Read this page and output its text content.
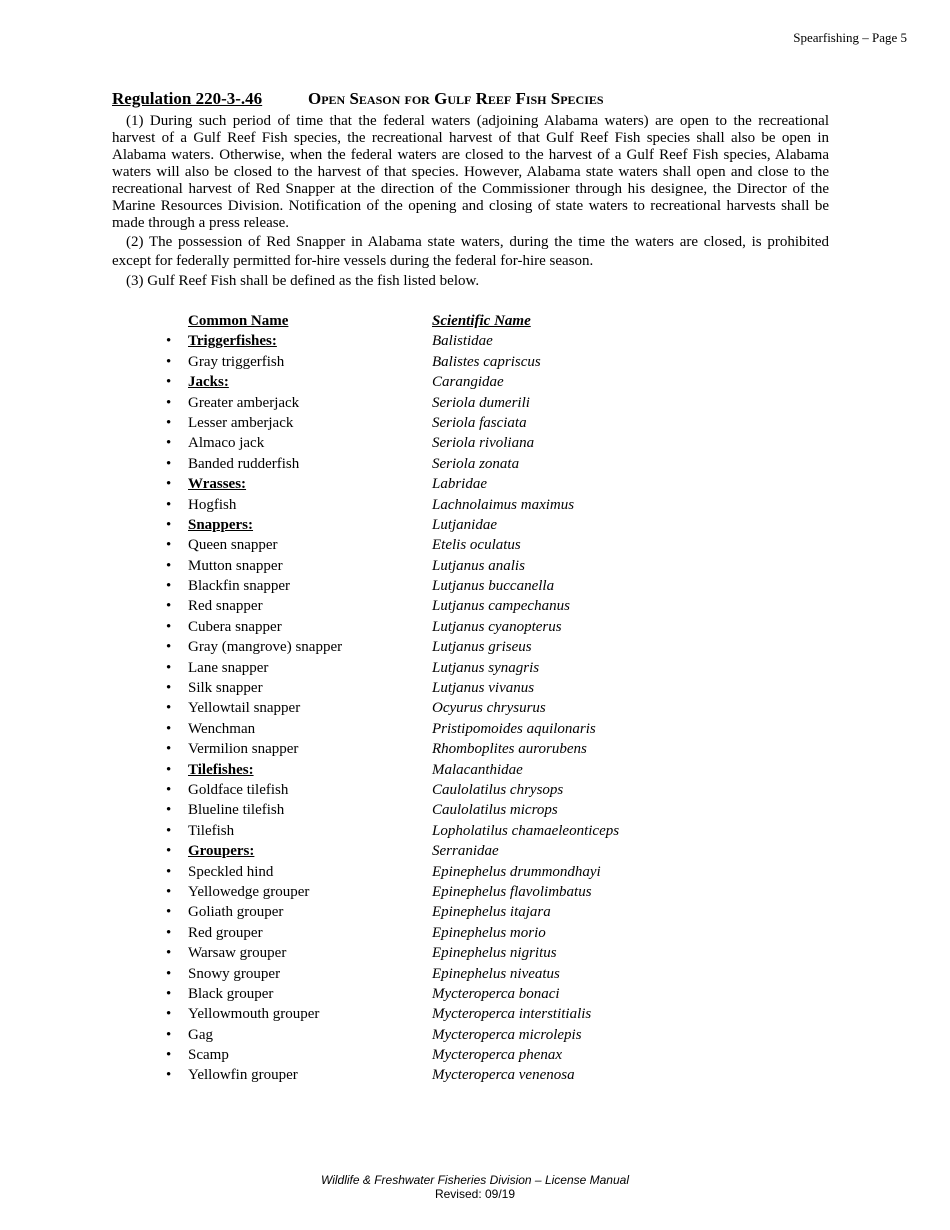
Spearfishing – Page 5
Regulation 220-3-.46	Open Season for Gulf Reef Fish Species
(1) During such period of time that the federal waters (adjoining Alabama waters) are open to the recreational harvest of a Gulf Reef Fish species, the recreational harvest of that Gulf Reef Fish species shall also be open in Alabama waters. Otherwise, when the federal waters are closed to the harvest of a Gulf Reef Fish species, Alabama waters will also be closed to the harvest of that species. However, Alabama state waters shall open and close to the recreational harvest of Red Snapper at the direction of the Commissioner through his designee, the Director of the Marine Resources Division. Notification of the opening and closing of state waters to recreational harvests shall be made through a press release.
(2) The possession of Red Snapper in Alabama state waters, during the time the waters are closed, is prohibited except for federally permitted for-hire vessels during the federal for-hire season.
(3) Gulf Reef Fish shall be defined as the fish listed below.
Common Name	Scientific Name
• Triggerfishes:	Balistidae
• Gray triggerfish	Balistes capriscus
• Jacks:	Carangidae
• Greater amberjack	Seriola dumerili
• Lesser amberjack	Seriola fasciata
• Almaco jack	Seriola rivoliana
• Banded rudderfish	Seriola zonata
• Wrasses:	Labridae
• Hogfish	Lachnolaimus maximus
• Snappers:	Lutjanidae
• Queen snapper	Etelis oculatus
• Mutton snapper	Lutjanus analis
• Blackfin snapper	Lutjanus buccanella
• Red snapper	Lutjanus campechanus
• Cubera snapper	Lutjanus cyanopterus
• Gray (mangrove) snapper	Lutjanus griseus
• Lane snapper	Lutjanus synagris
• Silk snapper	Lutjanus vivanus
• Yellowtail snapper	Ocyurus chrysurus
• Wenchman	Pristipomoides aquilonaris
• Vermilion snapper	Rhomboplites aurorubens
• Tilefishes:	Malacanthidae
• Goldface tilefish	Caulolatilus chrysops
• Blueline tilefish	Caulolatilus microps
• Tilefish	Lopholatilus chamaeleonticeps
• Groupers:	Serranidae
• Speckled hind	Epinephelus drummondhayi
• Yellowedge grouper	Epinephelus flavolimbatus
• Goliath grouper	Epinephelus itajara
• Red grouper	Epinephelus morio
• Warsaw grouper	Epinephelus nigritus
• Snowy grouper	Epinephelus niveatus
• Black grouper	Mycteroperca bonaci
• Yellowmouth grouper	Mycteroperca interstitialis
• Gag	Mycteroperca microlepis
• Scamp	Mycteroperca phenax
• Yellowfin grouper	Mycteroperca venenosa
Wildlife & Freshwater Fisheries Division – License Manual
Revised: 09/19
